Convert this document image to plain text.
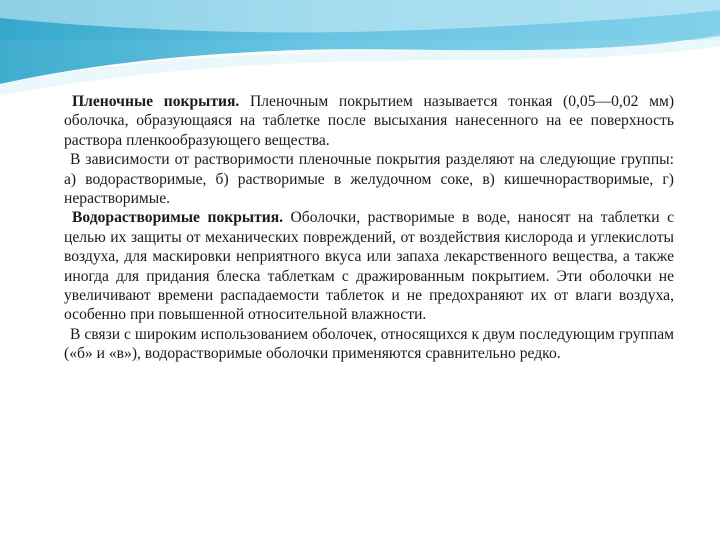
Пленочные покрытия. Пленочным покрытием называется тонкая (0,05—0,02 мм) оболочка, образующаяся на таблетке после высыхания нанесенного на ее поверхность раствора пленкообразующего вещества.

В зависимости от растворимости пленочные покрытия разделяют на следующие группы: а) водорастворимые, б) растворимые в желудочном соке, в) кишечнорастворимые, г) нерастворимые.

Водорастворимые покрытия. Оболочки, растворимые в воде, наносят на таблетки с целью их защиты от механических повреждений, от воздействия кислорода и углекислоты воздуха, для маскировки неприятного вкуса или запаха лекарственного вещества, а также иногда для придания блеска таблеткам с дражированным покрытием. Эти оболочки не увеличивают времени распадаемости таблеток и не предохраняют их от влаги воздуха, особенно при повышенной относительной влажности.

В связи с широким использованием оболочек, относящихся к двум последующим группам («б» и «в»), водорастворимые оболочки применяются сравнительно редко.
